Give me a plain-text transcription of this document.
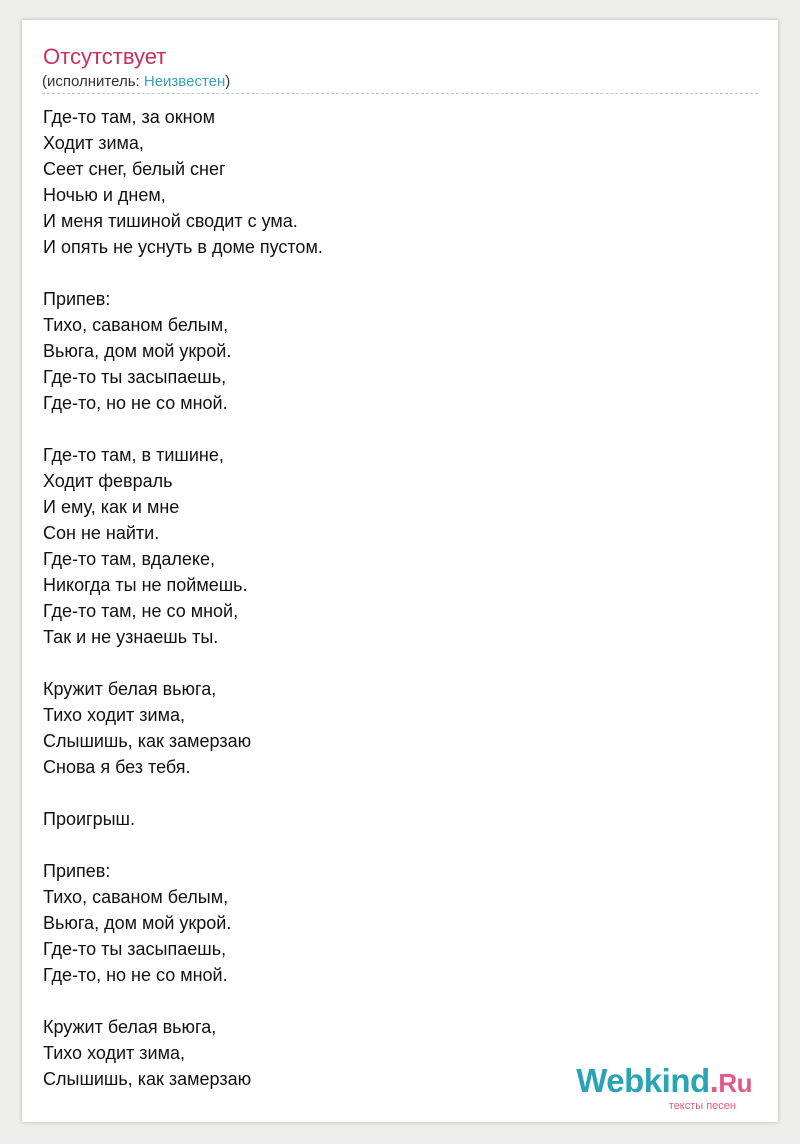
Отсутствует
(исполнитель: Неизвестен)
Где-то там, за окном
Ходит зима,
Сеет снег, белый снег
Ночью и днем,
И меня тишиной сводит с ума.
И опять не уснуть в доме пустом.
Припев:
Тихо, саваном белым,
Вьюга, дом мой укрой.
Где-то ты засыпаешь,
Где-то, но не со мной.
Где-то там, в тишине,
Ходит февраль
И ему, как и мне
Сон не найти.
Где-то там, вдалеке,
Никогда ты не поймешь.
Где-то там, не со мной,
Так и не узнаешь ты.
Кружит белая вьюга,
Тихо ходит зима,
Слышишь, как замерзаю
Снова я без тебя.
Проигрыш.
Припев:
Тихо, саваном белым,
Вьюга, дом мой укрой.
Где-то ты засыпаешь,
Где-то, но не со мной.
Кружит белая вьюга,
Тихо ходит зима,
Слышишь, как замерзаю	Webkind.Ru
тексты песен
